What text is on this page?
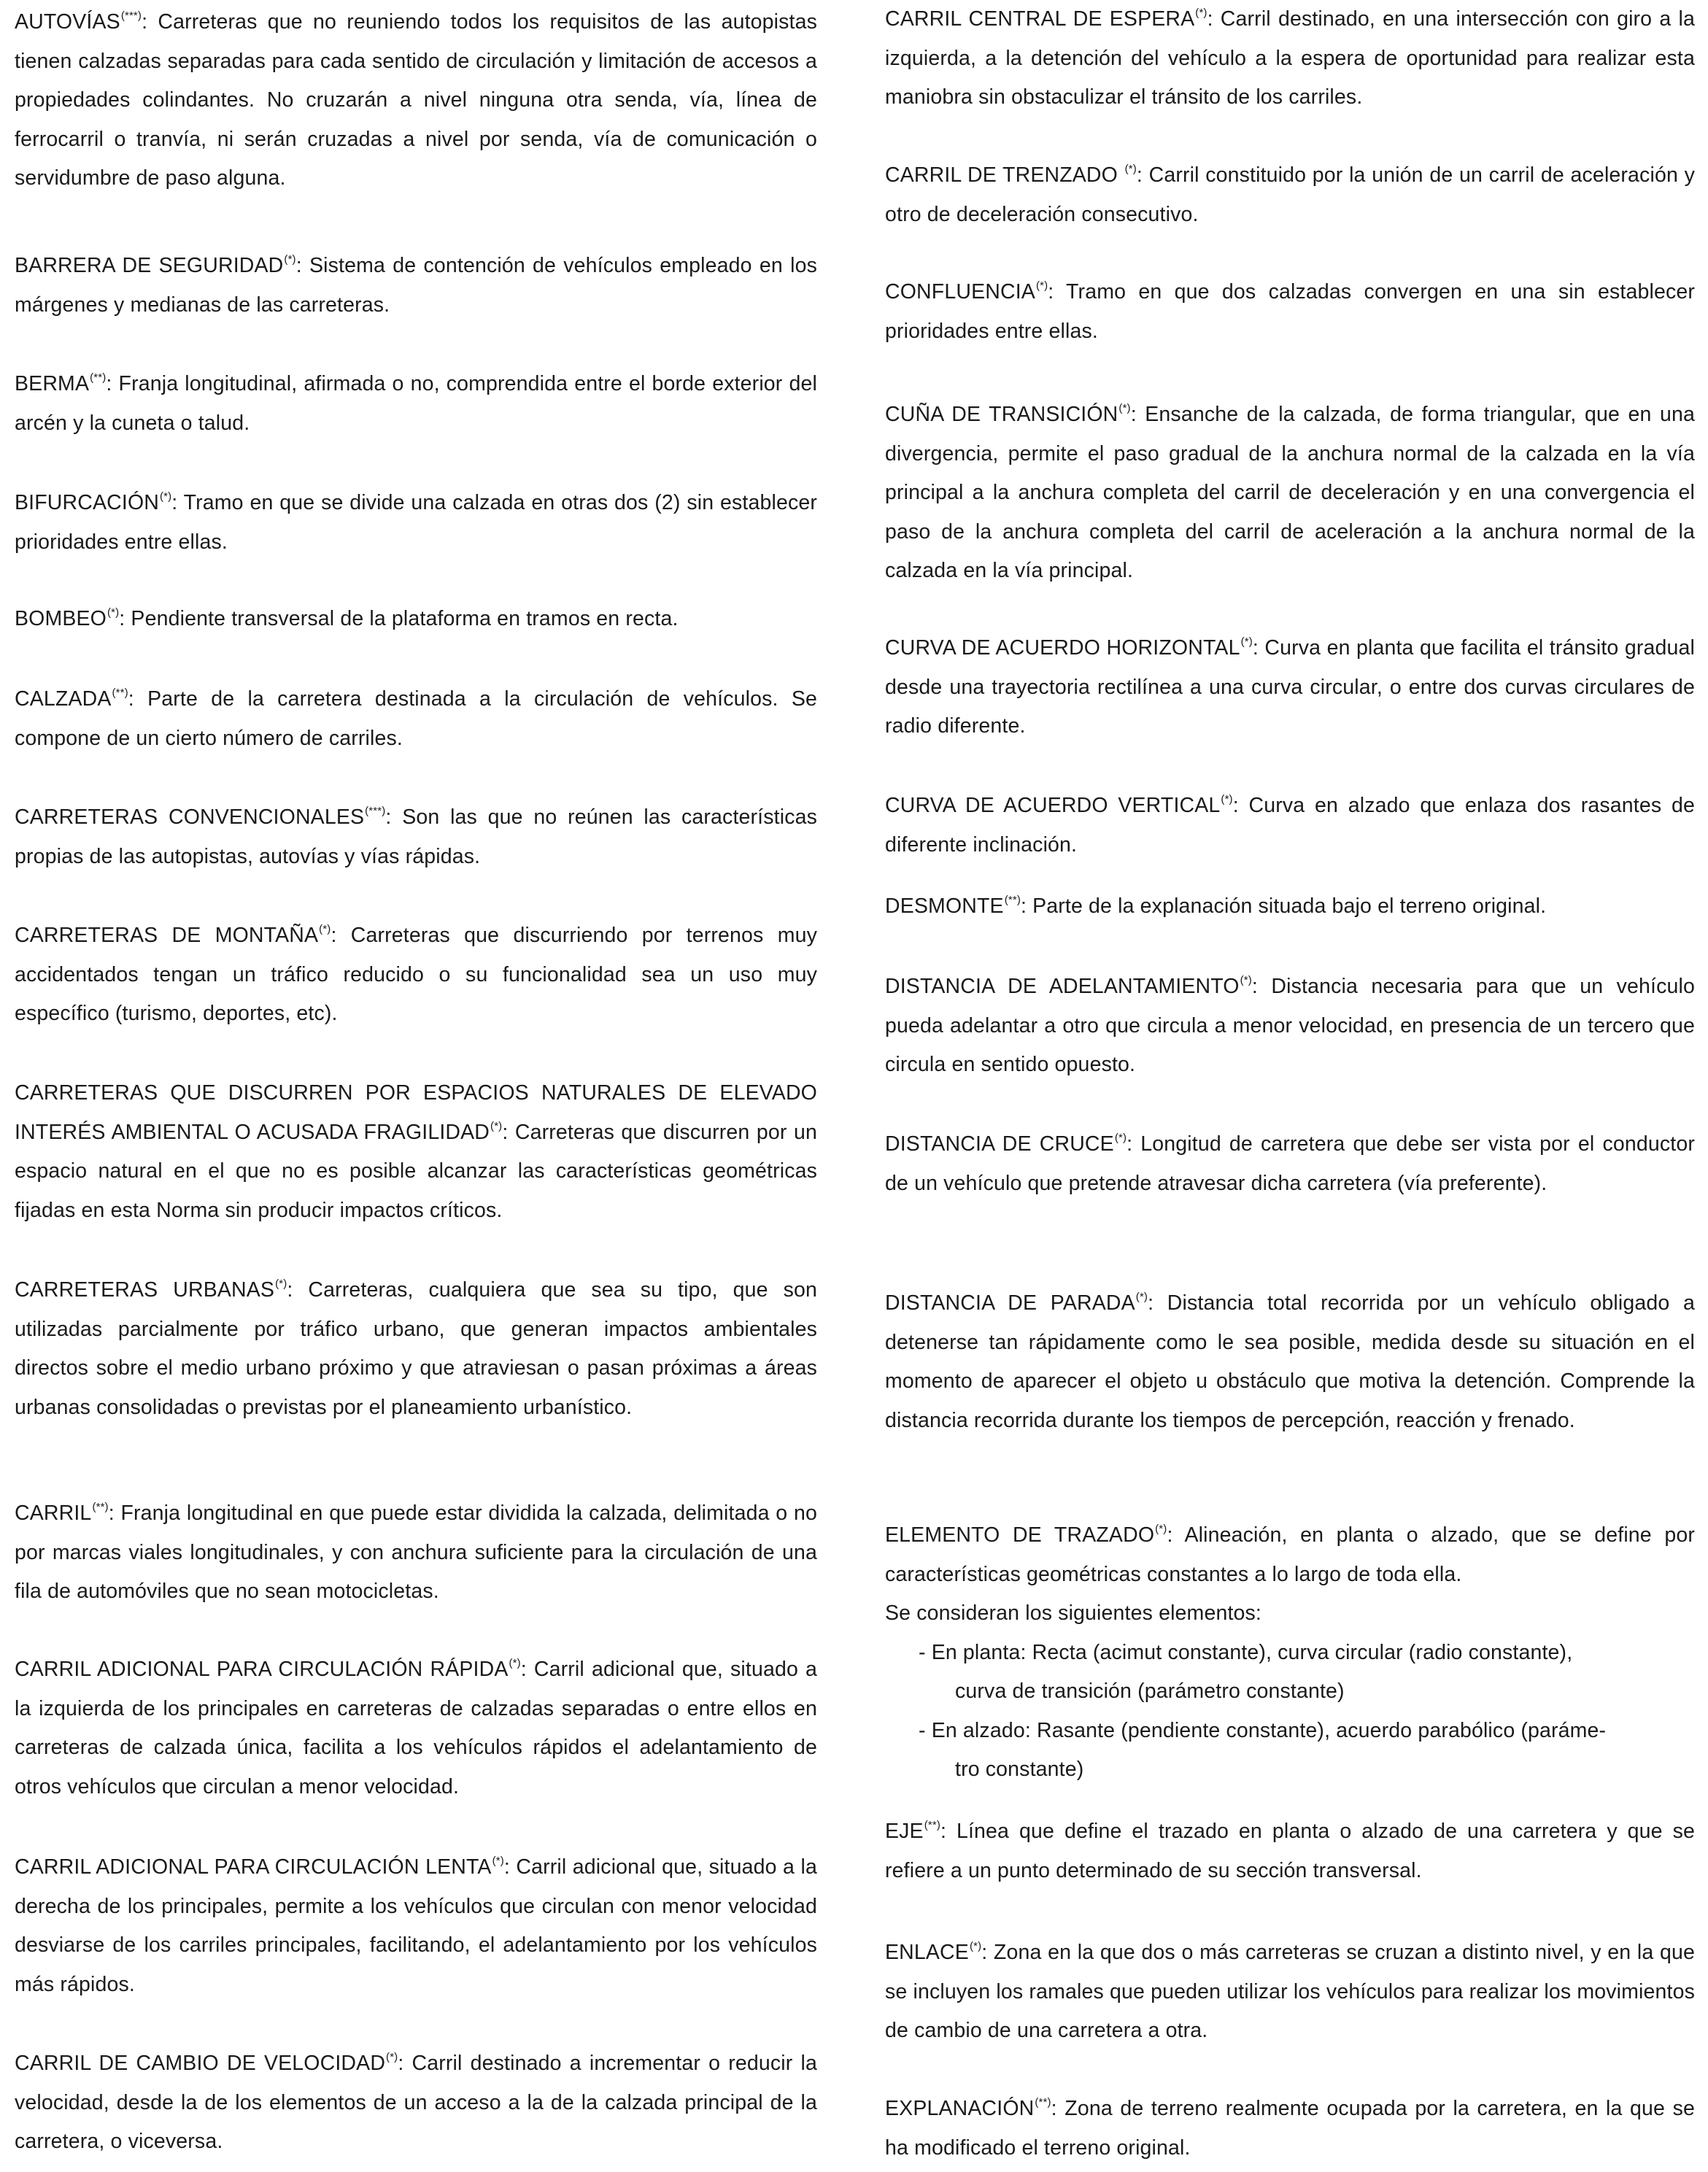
AUTOVÍAS(***): Carreteras que no reuniendo todos los requisitos de las autopistas tienen calzadas separadas para cada sentido de circulación y limitación de accesos a propiedades colindantes. No cruzarán a nivel ninguna otra senda, vía, línea de ferrocarril o tranvía, ni serán cruzadas a nivel por senda, vía de comunicación o servidumbre de paso alguna.
BARRERA DE SEGURIDAD(*): Sistema de contención de vehículos empleado en los márgenes y medianas de las carreteras.
BERMA(**): Franja longitudinal, afirmada o no, comprendida entre el borde exterior del arcén y la cuneta o talud.
BIFURCACIÓN(*): Tramo en que se divide una calzada en otras dos (2) sin establecer prioridades entre ellas.
BOMBEO(*): Pendiente transversal de la plataforma en tramos en recta.
CALZADA(**): Parte de la carretera destinada a la circulación de vehículos. Se compone de un cierto número de carriles.
CARRETERAS CONVENCIONALES(***): Son las que no reúnen las características propias de las autopistas, autovías y vías rápidas.
CARRETERAS DE MONTAÑA(*): Carreteras que discurriendo por terrenos muy accidentados tengan un tráfico reducido o su funcionalidad sea un uso muy específico (turismo, deportes, etc).
CARRETERAS QUE DISCURREN POR ESPACIOS NATURALES DE ELEVADO INTERÉS AMBIENTAL O ACUSADA FRAGILIDAD(*): Carreteras que discurren por un espacio natural en el que no es posible alcanzar las características geométricas fijadas en esta Norma sin producir impactos críticos.
CARRETERAS URBANAS(*): Carreteras, cualquiera que sea su tipo, que son utilizadas parcialmente por tráfico urbano, que generan impactos ambientales directos sobre el medio urbano próximo y que atraviesan o pasan próximas a áreas urbanas consolidadas o previstas por el planeamiento urbanístico.
CARRIL(**): Franja longitudinal en que puede estar dividida la calzada, delimitada o no por marcas viales longitudinales, y con anchura suficiente para la circulación de una fila de automóviles que no sean motocicletas.
CARRIL ADICIONAL PARA CIRCULACIÓN RÁPIDA(*): Carril adicional que, situado a la izquierda de los principales en carreteras de calzadas separadas o entre ellos en carreteras de calzada única, facilita a los vehículos rápidos el adelantamiento de otros vehículos que circulan a menor velocidad.
CARRIL ADICIONAL PARA CIRCULACIÓN LENTA(*): Carril adicional que, situado a la derecha de los principales, permite a los vehículos que circulan con menor velocidad desviarse de los carriles principales, facilitando, el adelantamiento por los vehículos más rápidos.
CARRIL DE CAMBIO DE VELOCIDAD(*): Carril destinado a incrementar o reducir la velocidad, desde la de los elementos de un acceso a la de la calzada principal de la carretera, o viceversa.
CARRIL CENTRAL DE ESPERA(*): Carril destinado, en una intersección con giro a la izquierda, a la detención del vehículo a la espera de oportunidad para realizar esta maniobra sin obstaculizar el tránsito de los carriles.
CARRIL DE TRENZADO (*): Carril constituido por la unión de un carril de aceleración y otro de deceleración consecutivo.
CONFLUENCIA(*): Tramo en que dos calzadas convergen en una sin establecer prioridades entre ellas.
CUÑA DE TRANSICIÓN(*): Ensanche de la calzada, de forma triangular, que en una divergencia, permite el paso gradual de la anchura normal de la calzada en la vía principal a la anchura completa del carril de deceleración y en una convergencia el paso de la anchura completa del carril de aceleración a la anchura normal de la calzada en la vía principal.
CURVA DE ACUERDO HORIZONTAL(*): Curva en planta que facilita el tránsito gradual desde una trayectoria rectilínea a una curva circular, o entre dos curvas circulares de radio diferente.
CURVA DE ACUERDO VERTICAL(*): Curva en alzado que enlaza dos rasantes de diferente inclinación.
DESMONTE(**): Parte de la explanación situada bajo el terreno original.
DISTANCIA DE ADELANTAMIENTO(*): Distancia necesaria para que un vehículo pueda adelantar a otro que circula a menor velocidad, en presencia de un tercero que circula en sentido opuesto.
DISTANCIA DE CRUCE(*): Longitud de carretera que debe ser vista por el conductor de un vehículo que pretende atravesar dicha carretera (vía preferente).
DISTANCIA DE PARADA(*): Distancia total recorrida por un vehículo obligado a detenerse tan rápidamente como le sea posible, medida desde su situación en el momento de aparecer el objeto u obstáculo que motiva la detención. Comprende la distancia recorrida durante los tiempos de percepción, reacción y frenado.
ELEMENTO DE TRAZADO(*): Alineación, en planta o alzado, que se define por características geométricas constantes a lo largo de toda ella.
Se consideran los siguientes elementos:
- En planta: Recta (acimut constante), curva circular (radio constante),
curva de transición (parámetro constante)
- En alzado: Rasante (pendiente constante), acuerdo parabólico (paráme-
tro constante)
EJE(**): Línea que define el trazado en planta o alzado de una carretera y que se refiere a un punto determinado de su sección transversal.
ENLACE(*): Zona en la que dos o más carreteras se cruzan a distinto nivel, y en la que se incluyen los ramales que pueden utilizar los vehículos para realizar los movimientos de cambio de una carretera a otra.
EXPLANACIÓN(**): Zona de terreno realmente ocupada por la carretera, en la que se ha modificado el terreno original.
